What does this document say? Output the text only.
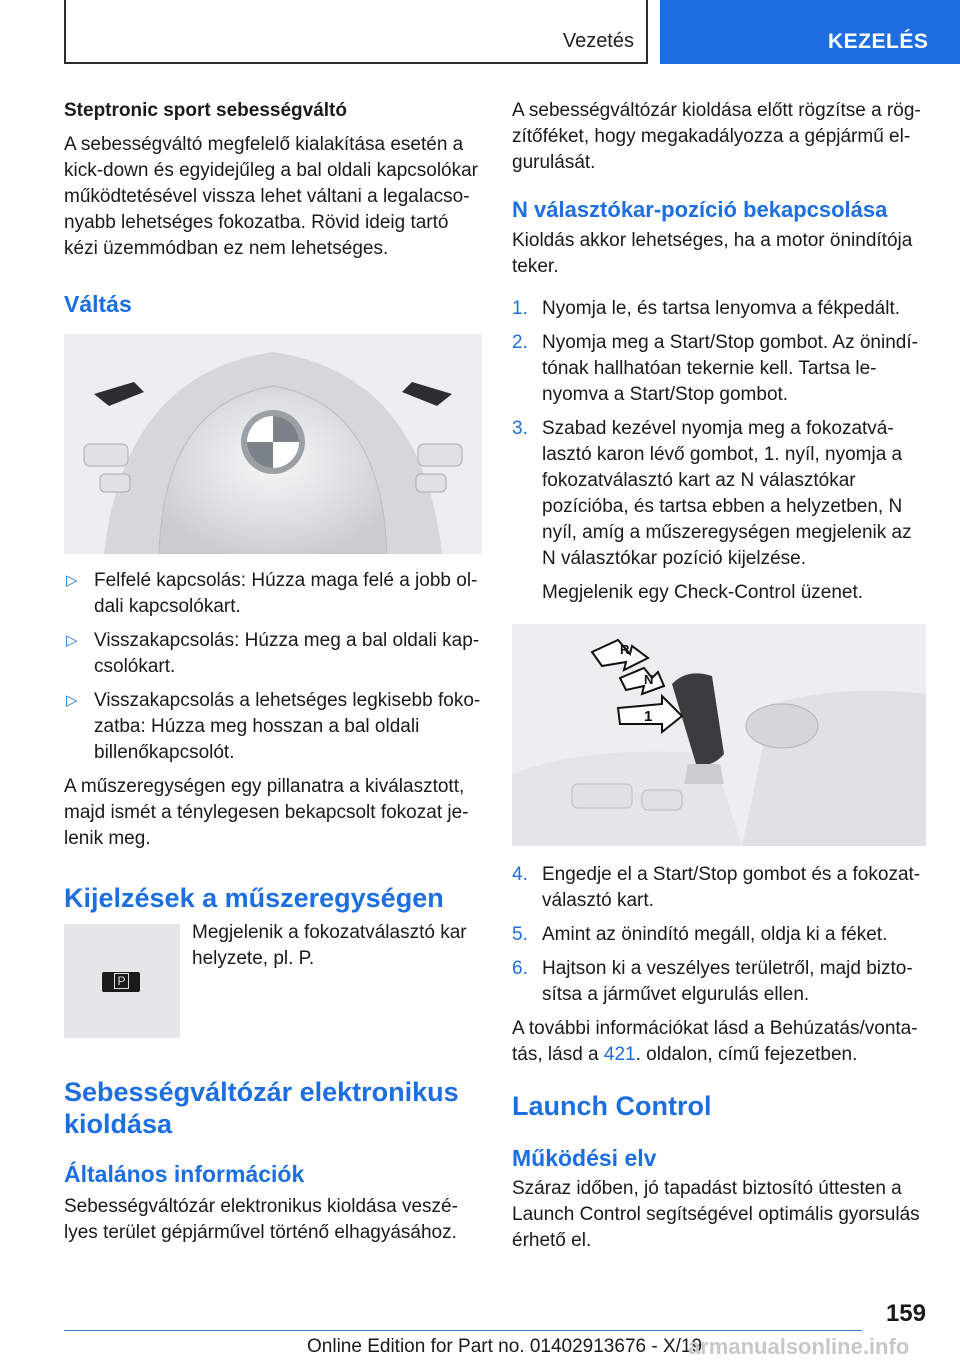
Vezetés	KEZELÉS
Steptronic sport sebességváltó

A sebességváltó megfelelő kialakítása esetén a kick-down és egyidejűleg a bal oldali kapcsolókar működtetésével vissza lehet váltani a legalacsonyabb lehetséges fokozatba. Rövid ideig tartó kézi üzemmódban ez nem lehetséges.

Váltás
▷ Felfelé kapcsolás: Húzza maga felé a jobb oldali kapcsolókart.
▷ Visszakapcsolás: Húzza meg a bal oldali kapcsolókart.
▷ Visszakapcsolás a lehetséges legkisebb fokozatba: Húzza meg hosszan a bal oldali billenőkapcsolót.

A műszeregységen egy pillanatra a kiválasztott, majd ismét a ténylegesen bekapcsolt fokozat jelenik meg.

Kijelzések a műszeregységen
P

Megjelenik a fokozatválasztó kar helyzete, pl. P.

Sebességváltózár elektronikus kioldása
Általános információk

Sebességváltózár elektronikus kioldása veszélyes terület gépjárművel történő elhagyásához.

A sebességváltózár kioldása előtt rögzítse a rögzítőféket, hogy megakadályozza a gépjármű elgurulását.

N választókar-pozíció bekapcsolása

Kioldás akkor lehetséges, ha a motor önindítója teker.

1. Nyomja le, és tartsa lenyomva a fékpedált.
2. Nyomja meg a Start/Stop gombot. Az önindítónak hallhatóan tekernie kell. Tartsa lenyomva a Start/Stop gombot.
3. Szabad kezével nyomja meg a fokozatválasztó karon lévő gombot, 1. nyíl, nyomja a fokozatválasztó kart az N választókar pozícióba, és tartsa ebben a helyzetben, N nyíl, amíg a műszeregységen megjelenik az N választókar pozíció kijelzése.

Megjelenik egy Check-Control üzenet.

R
N
1
4. Engedje el a Start/Stop gombot és a fokozatválasztó kart.
5. Amint az önindító megáll, oldja ki a féket.
6. Hajtson ki a veszélyes területről, majd biztosítsa a járművet elgurulás ellen.

A további információkat lásd a Behúzatás/vontatás, lásd a 421. oldalon, című fejezetben.

Launch Control
Működési elv

Száraz időben, jó tapadást biztosító úttesten a Launch Control segítségével optimális gyorsulás érhető el.

159
Online Edition for Part no. 01402913676 - X/19
armanualsonline.info
